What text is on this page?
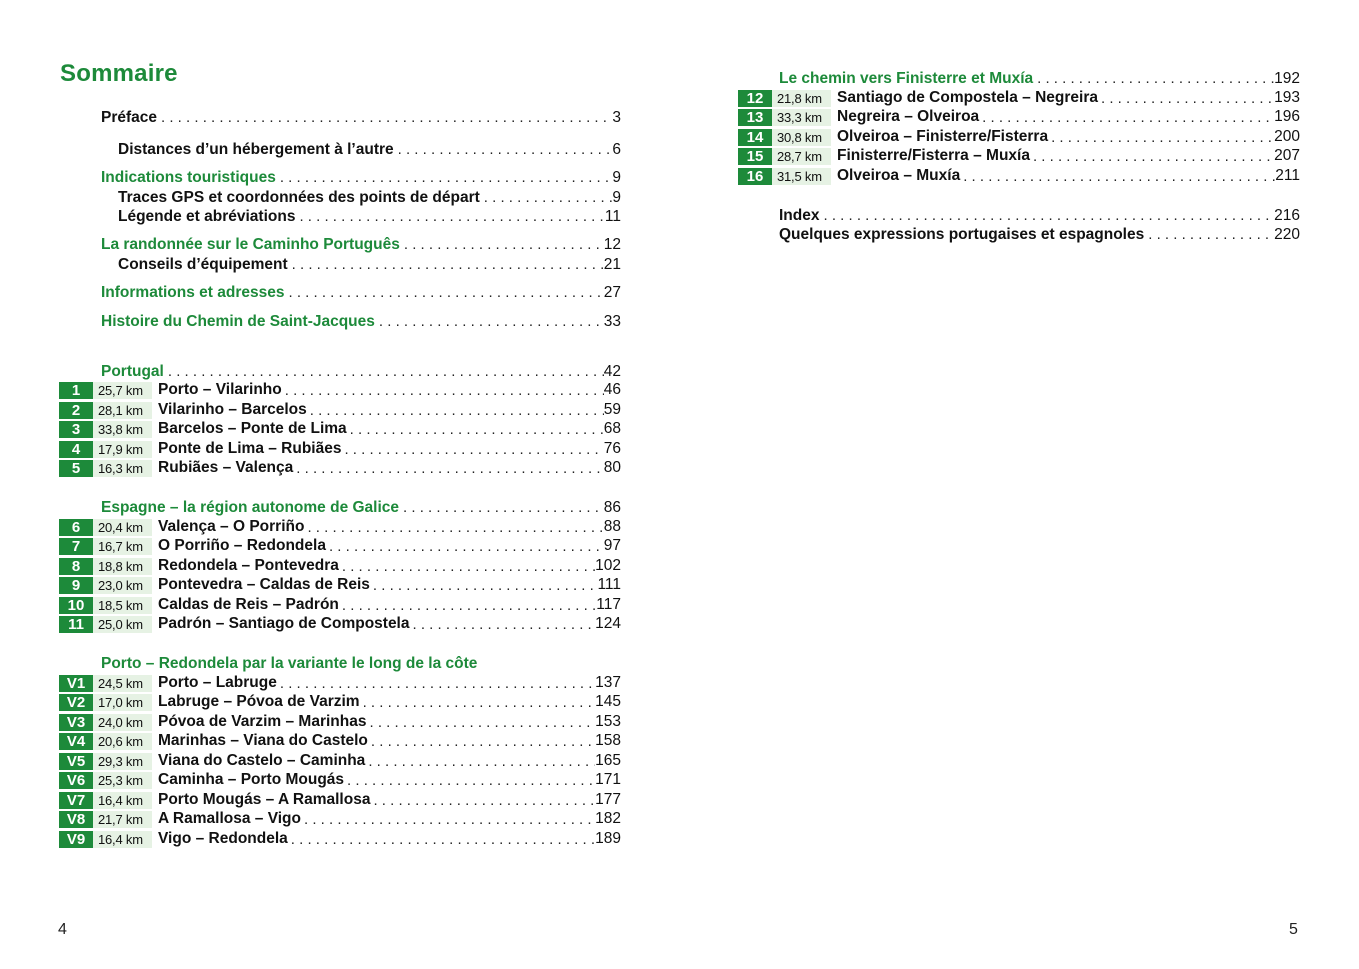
Sommaire
Préface . . .	3
Distances d’un hébergement à l’autre . . .	6
Indications touristiques . . .	9
Traces GPS et coordonnées des points de départ . . .	9
Légende et abréviations . . .	11
La randonnée sur le Caminho Português . . .	12
Conseils d’équipement . . .	21
Informations et adresses . . .	27
Histoire du Chemin de Saint-Jacques . . .	33
Portugal . . .	42
1	25,7 km Porto – Vilarinho . . .	46
2	28,1 km Vilarinho – Barcelos . . .	59
3	33,8 km Barcelos – Ponte de Lima . . .	68
4	17,9 km Ponte de Lima – Rubiães . . .	76
5	16,3 km Rubiães – Valença . . .	80
Espagne – la région autonome de Galice . . .	86
6	20,4 km Valença – O Porriño . . .	88
7	16,7 km O Porriño – Redondela . . .	97
8	18,8 km Redondela – Pontevedra . . .	102
9	23,0 km Pontevedra – Caldas de Reis . . .	111
10	18,5 km Caldas de Reis – Padrón . . .	117
11	25,0 km Padrón – Santiago de Compostela . . .	124
Porto – Redondela par la variante le long de la côte
V1 24,5 km Porto – Labruge . . .	137
V2 17,0 km Labruge – Póvoa de Varzim . . .	145
V3 24,0 km Póvoa de Varzim – Marinhas . . .	153
V4 20,6 km Marinhas – Viana do Castelo . . .	158
V5 29,3 km Viana do Castelo – Caminha . . .	165
V6 25,3 km Caminha – Porto Mougás . . .	171
V7 16,4 km Porto Mougás – A Ramallosa . . .	177
V8 21,7 km A Ramallosa – Vigo . . .	182
V9 16,4 km Vigo – Redondela . . .	189
Le chemin vers Finisterre et Muxía . . .	192
12	21,8 km Santiago de Compostela – Negreira . . .	193
13	33,3 km Negreira – Olveiroa . . .	196
14	30,8 km Olveiroa – Finisterre/Fisterra . . .	200
15	28,7 km Finisterre/Fisterra – Muxía . . .	207
16	31,5 km Olveiroa – Muxía . . .	211
Index . . .	216
Quelques expressions portugaises et espagnoles . . .	220
4	5
